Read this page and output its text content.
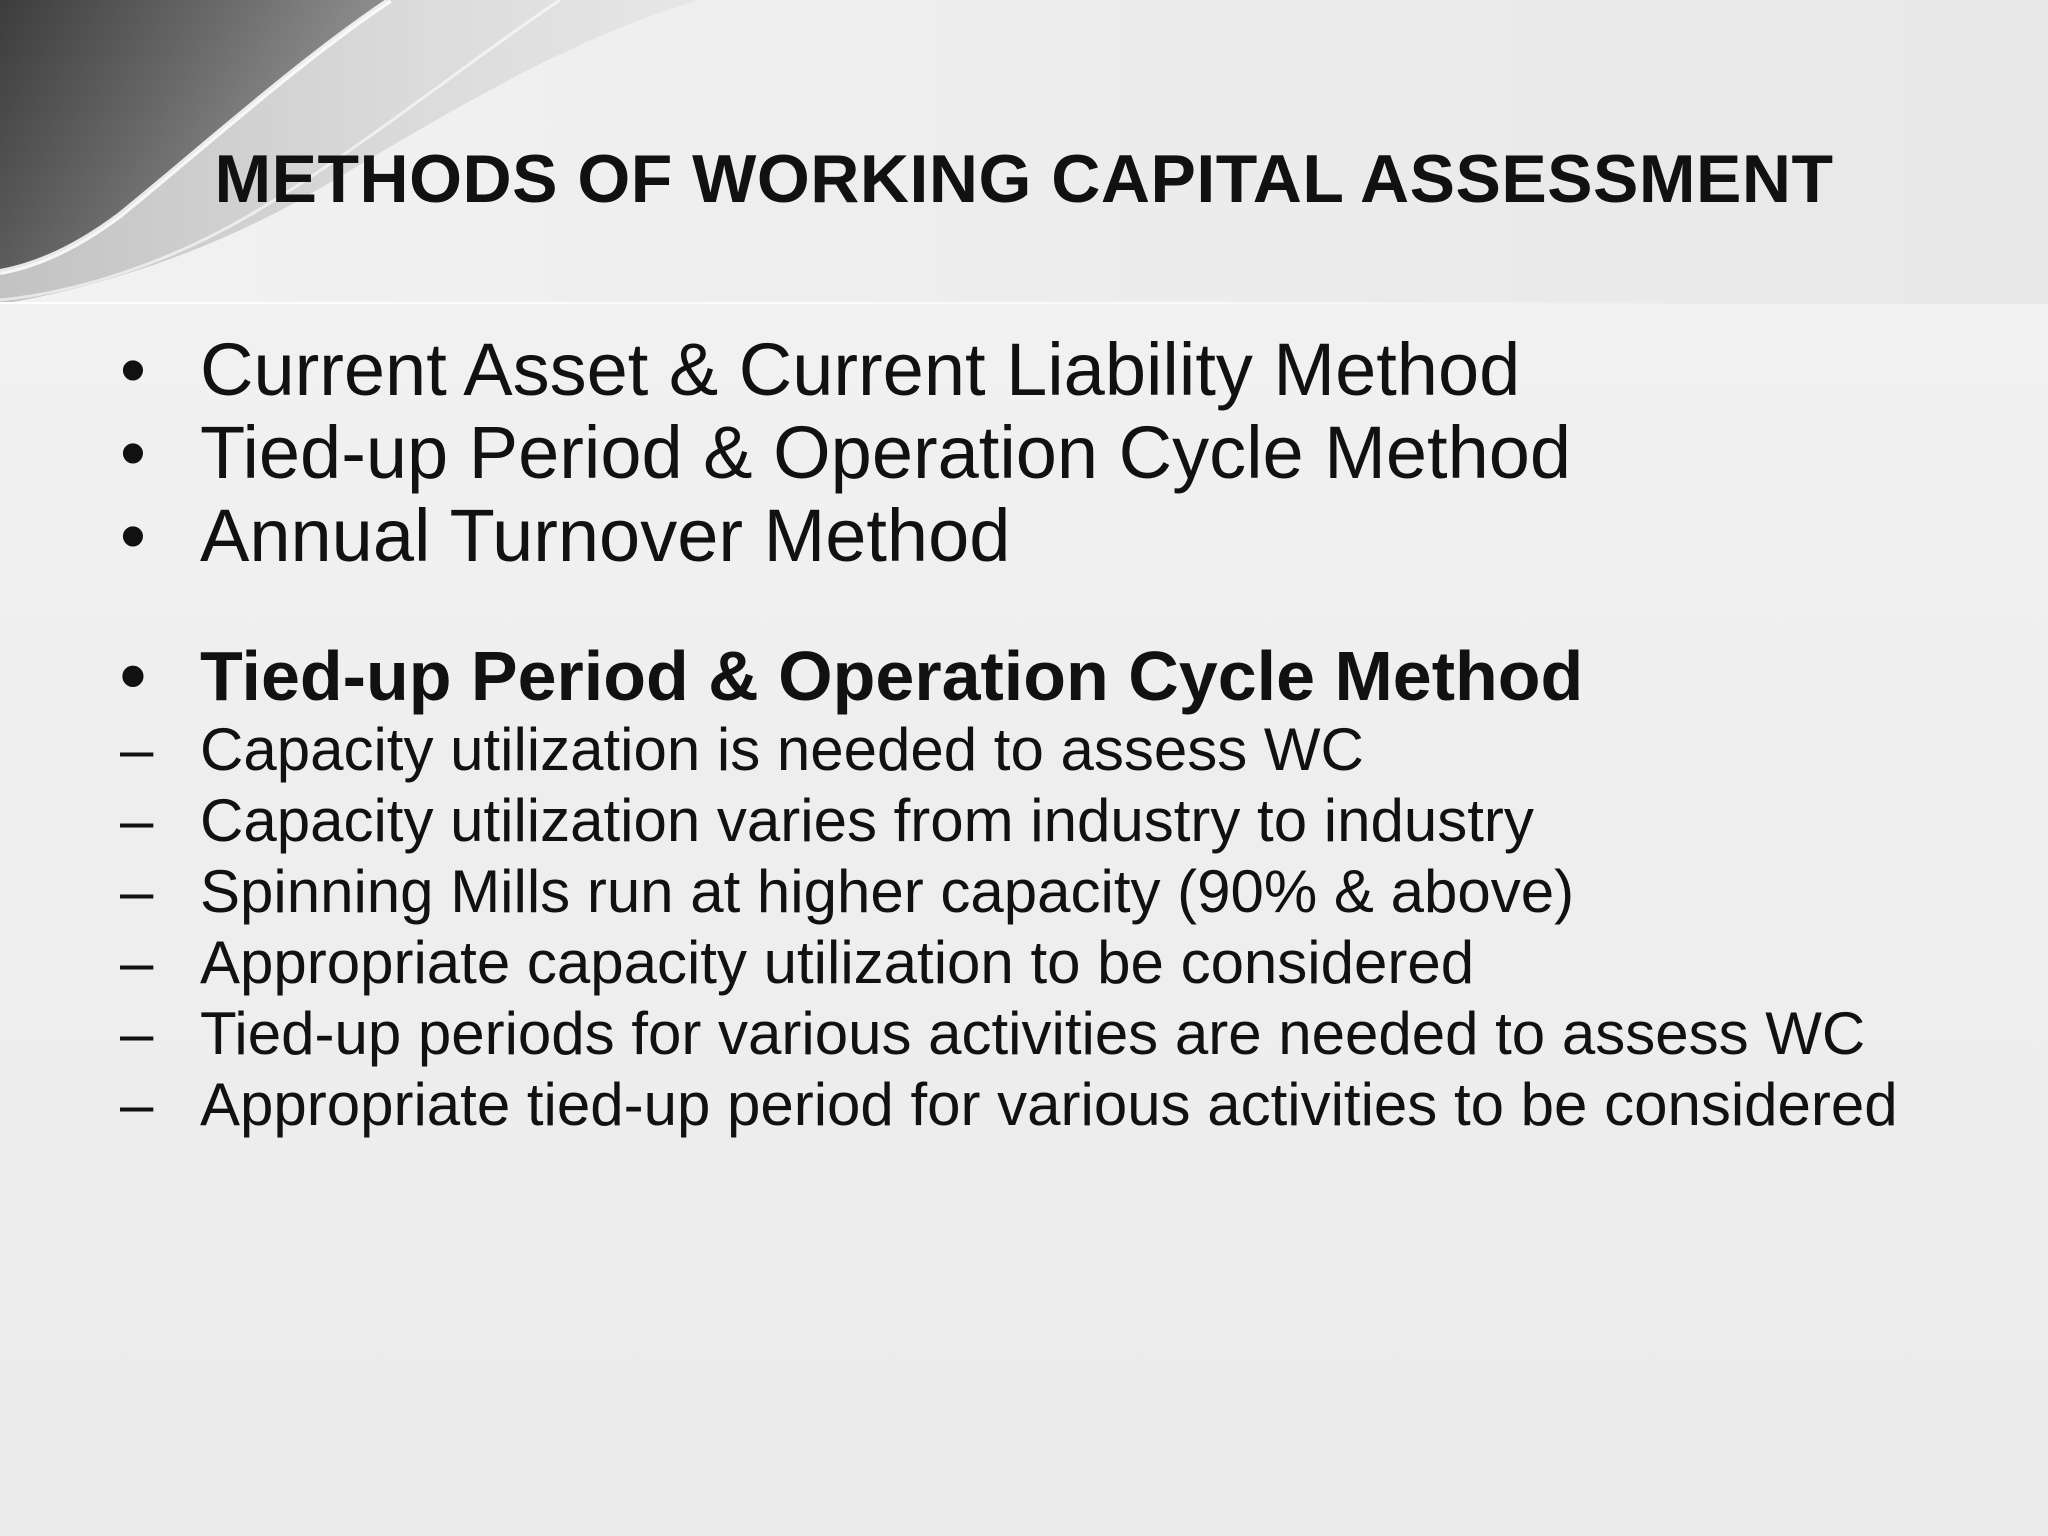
METHODS OF WORKING CAPITAL ASSESSMENT
• Current Asset & Current Liability Method
• Tied-up Period & Operation Cycle Method
• Annual Turnover Method
• Tied-up Period & Operation Cycle Method
– Capacity utilization is needed to assess WC
– Capacity utilization varies from industry to industry
– Spinning Mills run at higher capacity (90% & above)
– Appropriate capacity utilization to be considered
– Tied-up periods for various activities are needed to assess WC
– Appropriate tied-up period for various activities to be considered
